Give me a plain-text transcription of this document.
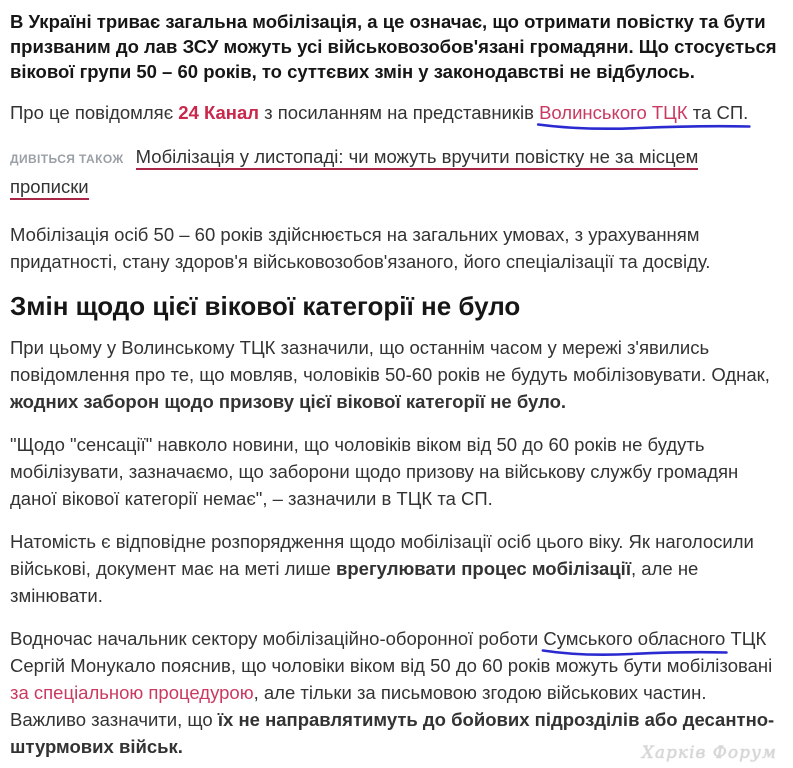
В Україні триває загальна мобілізація, а це означає, що отримати повістку та бути призваним до лав ЗСУ можуть усі військовозобов'язані громадяни. Що стосується вікової групи 50 – 60 років, то суттєвих змін у законодавстві не відбулось.

Про це повідомляє 24 Канал з посиланням на представників Волинського ТЦК та СП.

ДИВІТЬСЯ ТАКОЖ Мобілізація у листопаді: чи можуть вручити повістку не за місцем прописки

Мобілізація осіб 50 – 60 років здійснюється на загальних умовах, з урахуванням придатності, стану здоров'я військовозобов'язаного, його спеціалізації та досвіду.

Змін щодо цієї вікової категорії не було

При цьому у Волинському ТЦК зазначили, що останнім часом у мережі з'явились повідомлення про те, що мовляв, чоловіків 50-60 років не будуть мобілізовувати. Однак, жодних заборон щодо призову цієї вікової категорії не було.

"Щодо "сенсації" навколо новини, що чоловіків віком від 50 до 60 років не будуть мобілізувати, зазначаємо, що заборони щодо призову на військову службу громадян даної вікової категорії немає", – зазначили в ТЦК та СП.

Натомість є відповідне розпорядження щодо мобілізації осіб цього віку. Як наголосили військові, документ має на меті лише врегулювати процес мобілізації, але не змінювати.

Водночас начальник сектору мобілізаційно-оборонної роботи Сумського обласного
ТЦК Сергій Монукало пояснив, що чоловіки віком від 50 до 60 років можуть бути мобілізовані за спеціальною процедурою, але тільки за письмовою згодою військових частин. Важливо зазначити, що їх не направлятимуть до бойових підрозділів або десантно-штурмових військ.	Харків Форум
